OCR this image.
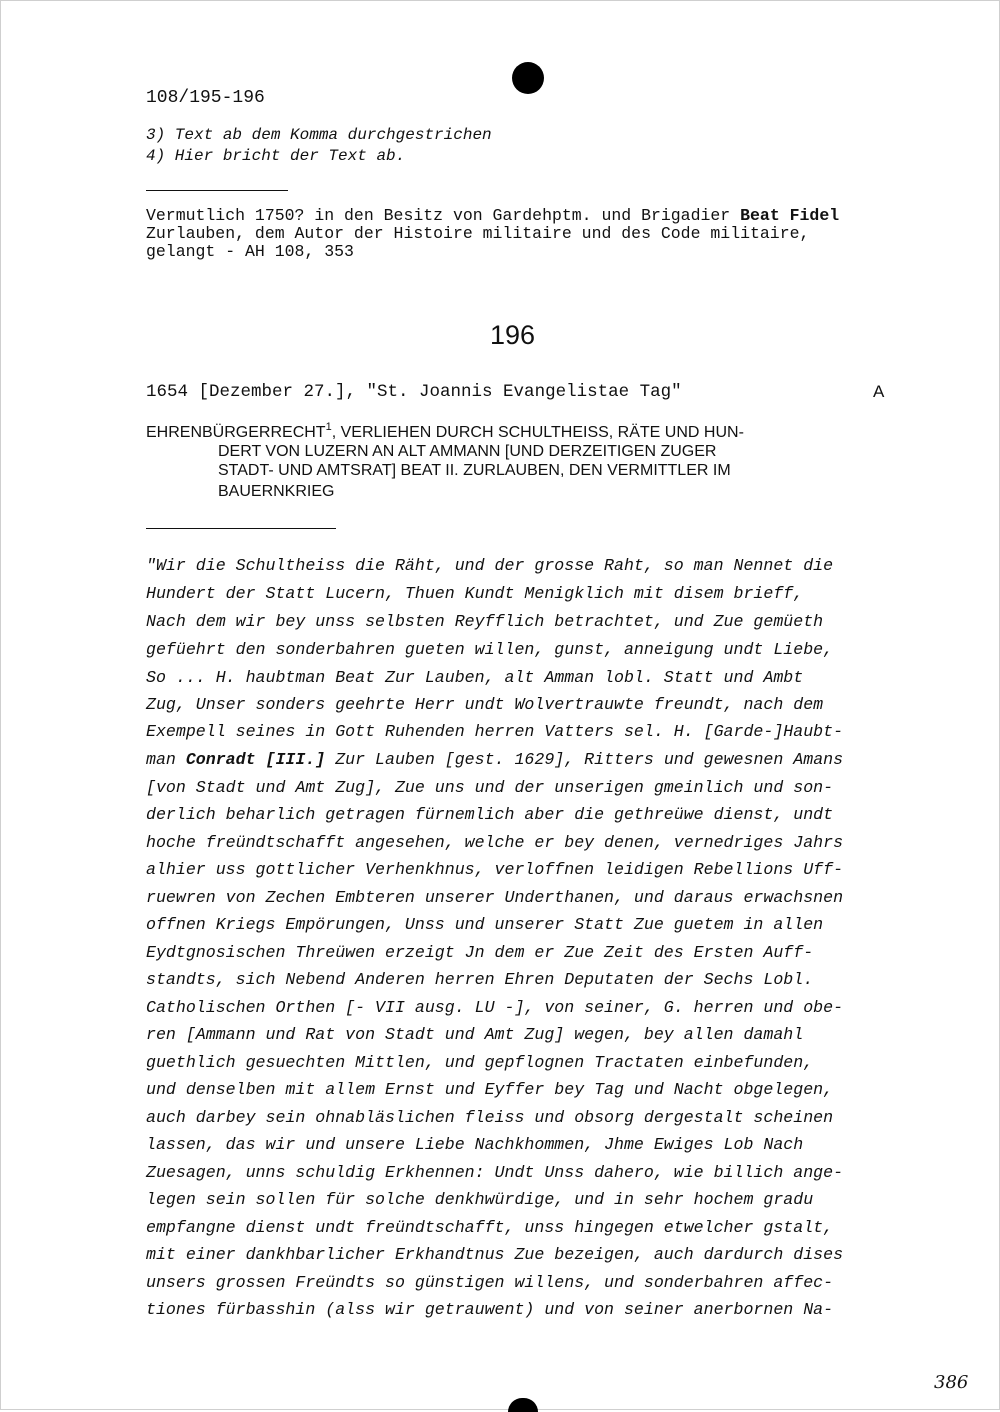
108/195-196
3) Text ab dem Komma durchgestrichen
4) Hier bricht der Text ab.
Vermutlich 1750? in den Besitz von Gardehptm. und Brigadier Beat Fidel
Zurlauben, dem Autor der Histoire militaire und des Code militaire,
gelangt - AH 108, 353
196
1654 [Dezember 27.], "St. Joannis Evangelistae Tag"	A
EHRENBÜRGERRECHT$^1$, VERLIEHEN DURCH SCHULTHEISS, RÄTE UND HUN-
DERT VON LUZERN AN ALT AMMANN [UND DERZEITIGEN ZUGER
STADT- UND AMTSRAT] BEAT II. ZURLAUBEN, DEN VERMITTLER IM
BAUERNKRIEG
"Wir die Schultheiss die Räht, und der grosse Raht, so man Nennet die
Hundert der Statt Lucern, Thuen Kundt Menigklich mit disem brieff,
Nach dem wir bey unss selbsten Reyfflich betrachtet, und Zue gemüeth
gefüehrt den sonderbahren gueten willen, gunst, anneigung undt Liebe,
So ... H. haubtman Beat Zur Lauben, alt Amman lobl. Statt und Ambt
Zug, Unser sonders geehrte Herr undt Wolvertrauwte freundt, nach dem
Exempell seines in Gott Ruhenden herren Vatters sel. H. [Garde-]Haubt-
man Conradt [III.] Zur Lauben [gest. 1629], Ritters und gewesnen Amans
[von Stadt und Amt Zug], Zue uns und der unserigen gmeinlich und son-
derlich beharlich getragen fürnemlich aber die gethreüwe dienst, undt
hoche freündtschafft angesehen, welche er bey denen, vernedriges Jahrs
alhier uss gottlicher Verhenkhnus, verloffnen leidigen Rebellions Uff-
ruewren von Zechen Embteren unserer Underthanen, und daraus erwachsnen
offnen Kriegs Empörungen, Unss und unserer Statt Zue guetem in allen
Eydtgnosischen Threüwen erzeigt Jn dem er Zue Zeit des Ersten Auff-
standts, sich Nebend Anderen herren Ehren Deputaten der Sechs Lobl.
Catholischen Orthen [- VII ausg. LU -], von seiner, G. herren und obe-
ren [Ammann und Rat von Stadt und Amt Zug] wegen, bey allen damahl
guethlich gesuechten Mittlen, und gepflognen Tractaten einbefunden,
und denselben mit allem Ernst und Eyffer bey Tag und Nacht obgelegen,
auch darbey sein ohnabläslichen fleiss und obsorg dergestalt scheinen
lassen, das wir und unsere Liebe Nachkhommen, Jhme Ewiges Lob Nach
Zuesagen, unns schuldig Erkhennen: Undt Unss dahero, wie billich ange-
legen sein sollen für solche denkhwürdige, und in sehr hochem gradu
empfangne dienst undt freündtschafft, unss hingegen etwelcher gstalt,
mit einer dankhbarlicher Erkhandtnus Zue bezeigen, auch dardurch dises
unsers grossen Freündts so günstigen willens, und sonderbahren affec-
tiones fürbasshin (alss wir getrauwent) und von seiner anerbornen Na-
386
